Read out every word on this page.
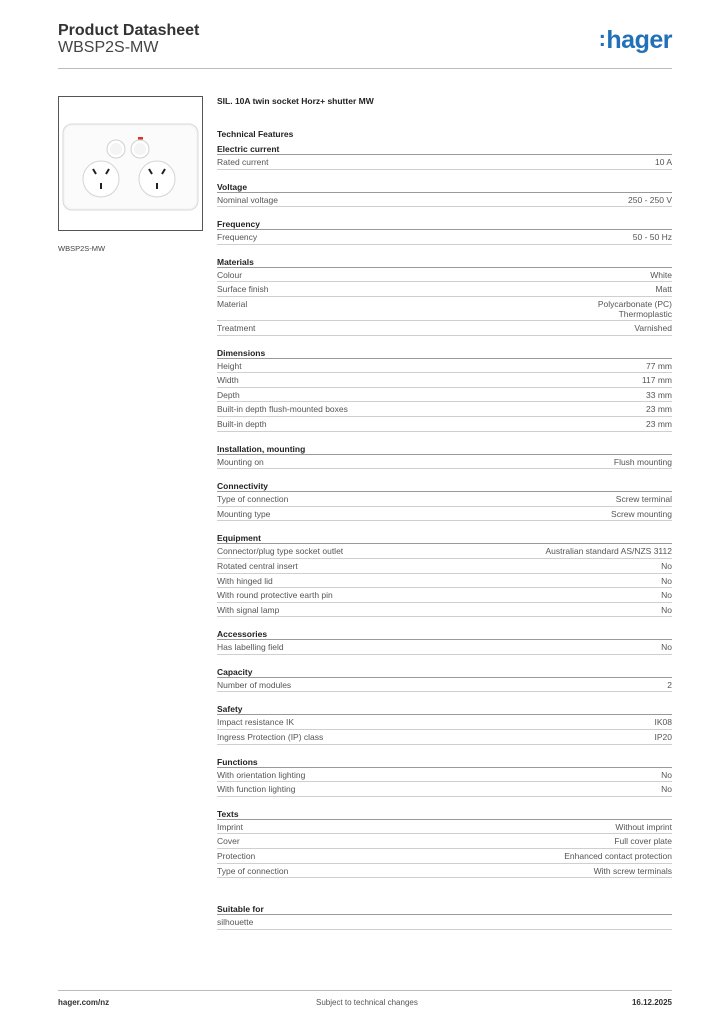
Product Datasheet
WBSP2S-MW	:hager
WBSP2S-MW
SIL. 10A twin socket Horz+ shutter MW
Technical Features
Electric current
Rated current	10 A
Voltage
Nominal voltage	250 - 250 V
Frequency
Frequency	50 - 50 Hz
Materials
Colour	White
Surface finish	Matt
Material	Polycarbonate (PC)
Thermoplastic
Treatment	Varnished
Dimensions
Height	77 mm
Width	117 mm
Depth	33 mm
Built-in depth flush-mounted boxes	23 mm
Built-in depth	23 mm
Installation, mounting
Mounting on	Flush mounting
Connectivity
Type of connection	Screw terminal
Mounting type	Screw mounting
Equipment
Connector/plug type socket outlet	Australian standard AS/NZS 3112
Rotated central insert	No
With hinged lid	No
With round protective earth pin	No
With signal lamp	No
Accessories
Has labelling field	No
Capacity
Number of modules	2
Safety
Impact resistance IK	IK08
Ingress Protection (IP) class	IP20
Functions
With orientation lighting	No
With function lighting	No
Texts
Imprint	Without imprint
Cover	Full cover plate
Protection	Enhanced contact protection
Type of connection	With screw terminals
Suitable for
silhouette
hager.com/nz	Subject to technical changes	16.12.2025
